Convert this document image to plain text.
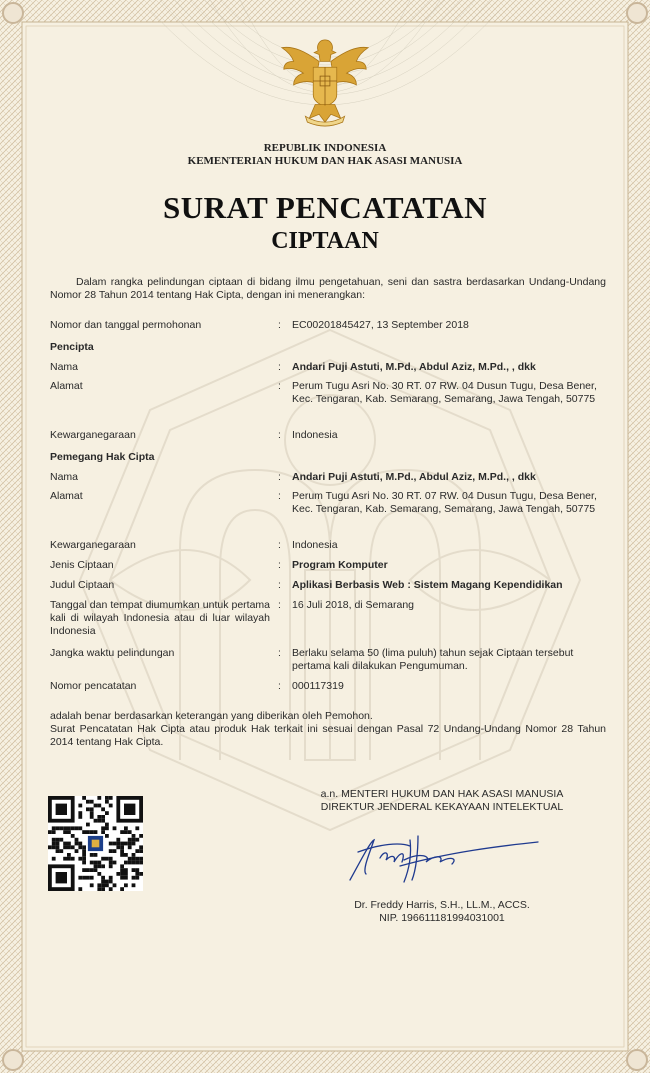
REPUBLIK INDONESIA
KEMENTERIAN HUKUM DAN HAK ASASI MANUSIA
SURAT PENCATATAN
CIPTAAN
Dalam rangka pelindungan ciptaan di bidang ilmu pengetahuan, seni dan sastra berdasarkan Undang-Undang Nomor 28 Tahun 2014 tentang Hak Cipta, dengan ini menerangkan:
Nomor dan tanggal permohonan	: EC00201845427, 13 September 2018
Pencipta
Nama	: Andari Puji Astuti, M.Pd., Abdul Aziz, M.Pd., , dkk
Alamat	: Perum Tugu Asri No. 30 RT. 07 RW. 04 Dusun Tugu, Desa Bener, Kec. Tengaran, Kab. Semarang, Semarang, Jawa Tengah, 50775
Kewarganegaraan	: Indonesia
Pemegang Hak Cipta
Nama	: Andari Puji Astuti, M.Pd., Abdul Aziz, M.Pd., , dkk
Alamat	: Perum Tugu Asri No. 30 RT. 07 RW. 04 Dusun Tugu, Desa Bener, Kec. Tengaran, Kab. Semarang, Semarang, Jawa Tengah, 50775
Kewarganegaraan	: Indonesia
Jenis Ciptaan	: Program Komputer
Judul Ciptaan	: Aplikasi Berbasis Web : Sistem Magang Kependidikan
Tanggal dan tempat diumumkan untuk pertama kali di wilayah Indonesia atau di luar wilayah Indonesia
: 16 Juli 2018, di Semarang
Jangka waktu pelindungan	: Berlaku selama 50 (lima puluh) tahun sejak Ciptaan tersebut pertama kali dilakukan Pengumuman.
Nomor pencatatan	: 000117319

adalah benar berdasarkan keterangan yang diberikan oleh Pemohon.

Surat Pencatatan Hak Cipta atau produk Hak terkait ini sesuai dengan Pasal 72 Undang-Undang Nomor 28 Tahun 2014 tentang Hak Cipta.

a.n. MENTERI HUKUM DAN HAK ASASI MANUSIA
DIREKTUR JENDERAL KEKAYAAN INTELEKTUAL
Dr. Freddy Harris, S.H., LL.M., ACCS.
NIP. 196611181994031001
